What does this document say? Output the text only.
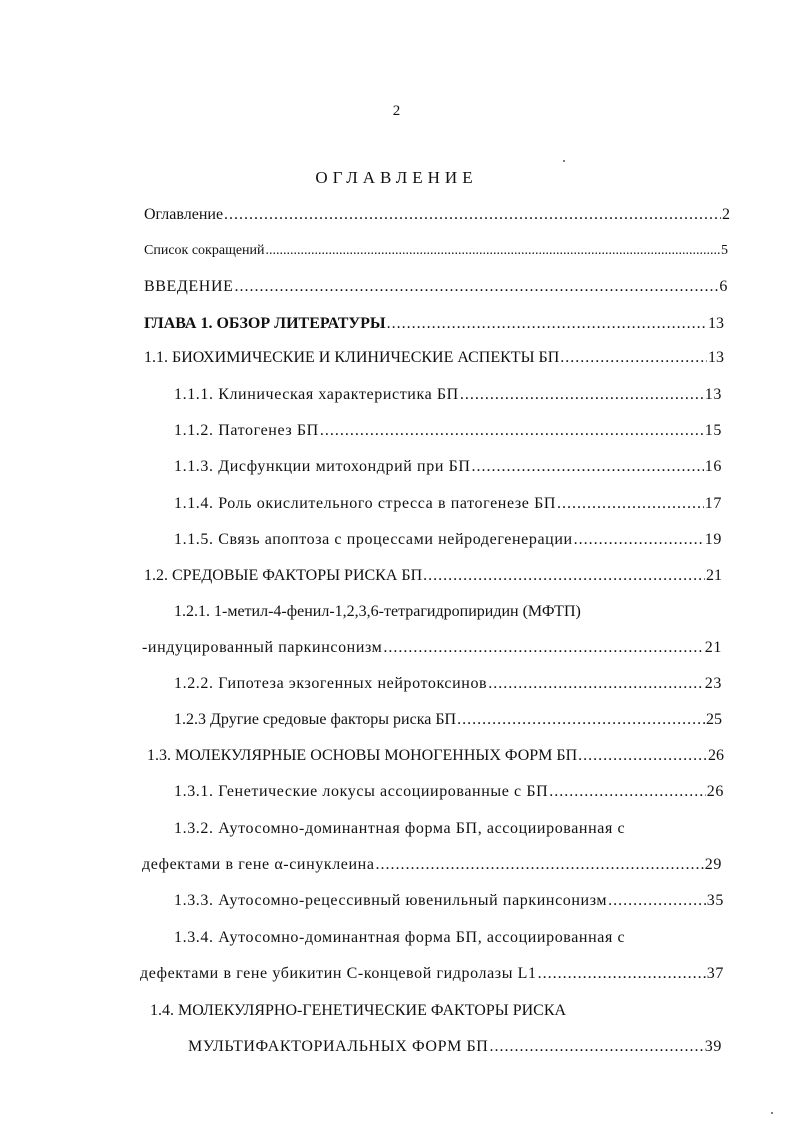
2
ОГЛАВЛЕНИЕ
Оглавление .....	2
Список сокращений .....	5
ВВЕДЕНИЕ .....	6
ГЛАВА 1. ОБЗОР ЛИТЕРАТУРЫ .....	13
1.1. БИОХИМИЧЕСКИЕ И КЛИНИЧЕСКИЕ АСПЕКТЫ БП .....	13
1.1.1. Клиническая характеристика БП .....	13
1.1.2. Патогенез БП .....	15
1.1.3. Дисфункции митохондрий при БП .....	16
1.1.4. Роль окислительного стресса в патогенезе БП .....	17
1.1.5. Связь апоптоза с процессами нейродегенерации .....	19
1.2. СРЕДОВЫЕ ФАКТОРЫ РИСКА БП .....	21
1.2.1. 1-метил-4-фенил-1,2,3,6-тетрагидропиридин (МФТП)
-индуцированный паркинсонизм .....	21
1.2.2. Гипотеза экзогенных нейротоксинов .....	23
1.2.3 Другие средовые факторы риска БП .....	25
1.3. МОЛЕКУЛЯРНЫЕ ОСНОВЫ МОНОГЕННЫХ ФОРМ БП .....	26
1.3.1. Генетические локусы ассоциированные с БП .....	26
1.3.2. Аутосомно-доминантная форма БП, ассоциированная с
дефектами в гене α-синуклеина .....	29
1.3.3. Аутосомно-рецессивный ювенильный паркинсонизм .....	35
1.3.4. Аутосомно-доминантная форма БП, ассоциированная с
дефектами в гене убикитин С-концевой гидролазы L1 .....	37
1.4. МОЛЕКУЛЯРНО-ГЕНЕТИЧЕСКИЕ ФАКТОРЫ РИСКА
МУЛЬТИФАКТОРИАЛЬНЫХ ФОРМ БП .....	39
